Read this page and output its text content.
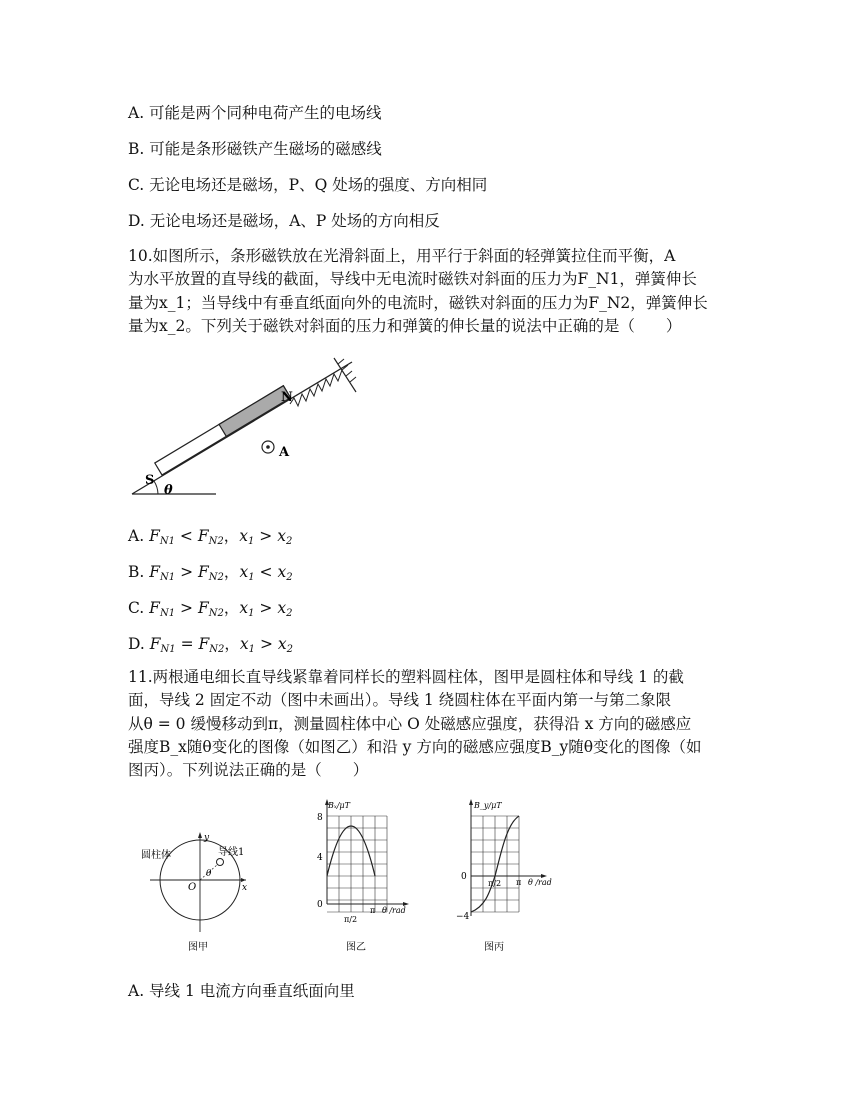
A. 可能是两个同种电荷产生的电场线
B. 可能是条形磁铁产生磁场的磁感线
C. 无论电场还是磁场，P、Q 处场的强度、方向相同
D. 无论电场还是磁场，A、P 处场的方向相反
10.如图所示，条形磁铁放在光滑斜面上，用平行于斜面的轻弹簧拉住而平衡，A
为水平放置的直导线的截面，导线中无电流时磁铁对斜面的压力为F_N1，弹簧伸长
量为x_1；当导线中有垂直纸面向外的电流时，磁铁对斜面的压力为F_N2，弹簧伸长
量为x_2。下列关于磁铁对斜面的压力和弹簧的伸长量的说法中正确的是（　　）
N
S
θ
A
A. $F_{N1} < F_{N2}$，$x_1 > x_2$
B. $F_{N1} > F_{N2}$，$x_1 < x_2$
C. $F_{N1} > F_{N2}$，$x_1 > x_2$
D. $F_{N1} = F_{N2}$，$x_1 > x_2$
11.两根通电细长直导线紧靠着同样长的塑料圆柱体，图甲是圆柱体和导线 1 的截
面，导线 2 固定不动（图中未画出）。导线 1 绕圆柱体在平面内第一与第二象限
从θ = 0 缓慢移动到π，测量圆柱体中心 O 处磁感应强度，获得沿 x 方向的磁感应
强度B_x随θ变化的图像（如图乙）和沿 y 方向的磁感应强度B_y随θ变化的图像（如
图丙）。下列说法正确的是（　　）
圆柱体	导线1
y
x
O
θ
图甲
Bₓ/μT
8
4
0
π/2
π θ /rad
图乙
B_y/μT
0
−4
π/2 π θ /rad
图丙
A. 导线 1 电流方向垂直纸面向里
